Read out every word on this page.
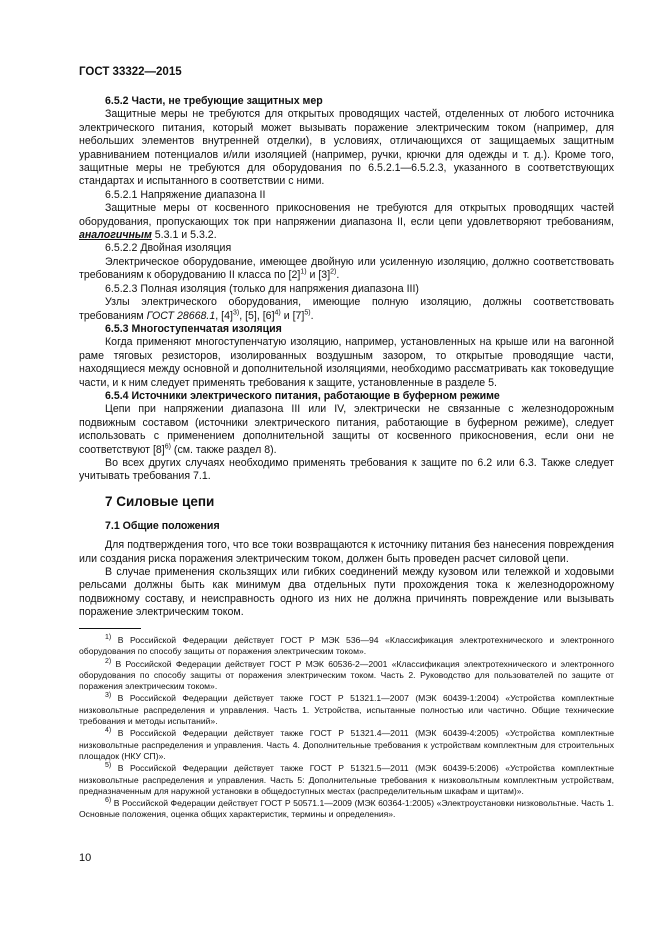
ГОСТ 33322—2015

6.5.2 Части, не требующие защитных мер

Защитные меры не требуются для открытых проводящих частей, отделенных от любого источника электрического питания, который может вызывать поражение электрическим током (например, для небольших элементов внутренней отделки), в условиях, отличающихся от защищаемых защитным уравниванием потенциалов и/или изоляцией (например, ручки, крючки для одежды и т. д.). Кроме того, защитные меры не требуются для оборудования по 6.5.2.1—6.5.2.3, указанного в соответствующих стандартах и испытанного в соответствии с ними.

6.5.2.1 Напряжение диапазона II

Защитные меры от косвенного прикосновения не требуются для открытых проводящих частей оборудования, пропускающих ток при напряжении диапазона II, если цепи удовлетворяют требованиям, аналогичным 5.3.1 и 5.3.2.

6.5.2.2 Двойная изоляция

Электрическое оборудование, имеющее двойную или усиленную изоляцию, должно соответствовать требованиям к оборудованию II класса по $[2]^{1)}$ и $[3]^{2)}$.

6.5.2.3 Полная изоляция (только для напряжения диапазона III)

Узлы электрического оборудования, имеющие полную изоляцию, должны соответствовать требованиям ГОСТ 28668.1, $[4]^{3)}$, [5], $[6]^{4)}$ и $[7]^{5)}$.

6.5.3 Многоступенчатая изоляция

Когда применяют многоступенчатую изоляцию, например, установленных на крыше или на вагонной раме тяговых резисторов, изолированных воздушным зазором, то открытые проводящие части, находящиеся между основной и дополнительной изоляциями, необходимо рассматривать как токоведущие части, и к ним следует применять требования к защите, установленные в разделе 5.

6.5.4 Источники электрического питания, работающие в буферном режиме

Цепи при напряжении диапазона III или IV, электрически не связанные с железнодорожным подвижным составом (источники электрического питания, работающие в буферном режиме), следует использовать с применением дополнительной защиты от косвенного прикосновения, если они не соответствуют $[8]^{6)}$ (см. также раздел 8).

Во всех других случаях необходимо применять требования к защите по 6.2 или 6.3. Также следует учитывать требования 7.1.

7 Силовые цепи

7.1 Общие положения

Для подтверждения того, что все токи возвращаются к источнику питания без нанесения повреждения или создания риска поражения электрическим током, должен быть проведен расчет силовой цепи.

В случае применения скользящих или гибких соединений между кузовом или тележкой и ходовыми рельсами должны быть как минимум два отдельных пути прохождения тока к железнодорожному подвижному составу, и неисправность одного из них не должна причинять повреждение или вызывать поражение электрическим током.

$^{1)}$ В Российской Федерации действует ГОСТ Р МЭК 536—94 «Классификация электротехнического и электронного оборудования по способу защиты от поражения электрическим током».

$^{2)}$ В Российской Федерации действует ГОСТ Р МЭК 60536-2—2001 «Классификация электротехнического и электронного оборудования по способу защиты от поражения электрическим током. Часть 2. Руководство для пользователей по защите от поражения электрическим током».

$^{3)}$ В Российской Федерации действует также ГОСТ Р 51321.1—2007 (МЭК 60439-1:2004) «Устройства комплектные низковольтные распределения и управления. Часть 1. Устройства, испытанные полностью или частично. Общие технические требования и методы испытаний».

$^{4)}$ В Российской Федерации действует также ГОСТ Р 51321.4—2011 (МЭК 60439-4:2005) «Устройства комплектные низковольтные распределения и управления. Часть 4. Дополнительные требования к устройствам комплектным для строительных площадок (НКУ СП)».

$^{5)}$ В Российской Федерации действует также ГОСТ Р 51321.5—2011 (МЭК 60439-5:2006) «Устройства комплектные низковольтные распределения и управления. Часть 5: Дополнительные требования к низковольтным комплектным устройствам, предназначенным для наружной установки в общедоступных местах (распределительным шкафам и щитам)».

$^{6)}$ В Российской Федерации действует ГОСТ Р 50571.1—2009 (МЭК 60364-1:2005) «Электроустановки низковольтные. Часть 1. Основные положения, оценка общих характеристик, термины и определения».

10
